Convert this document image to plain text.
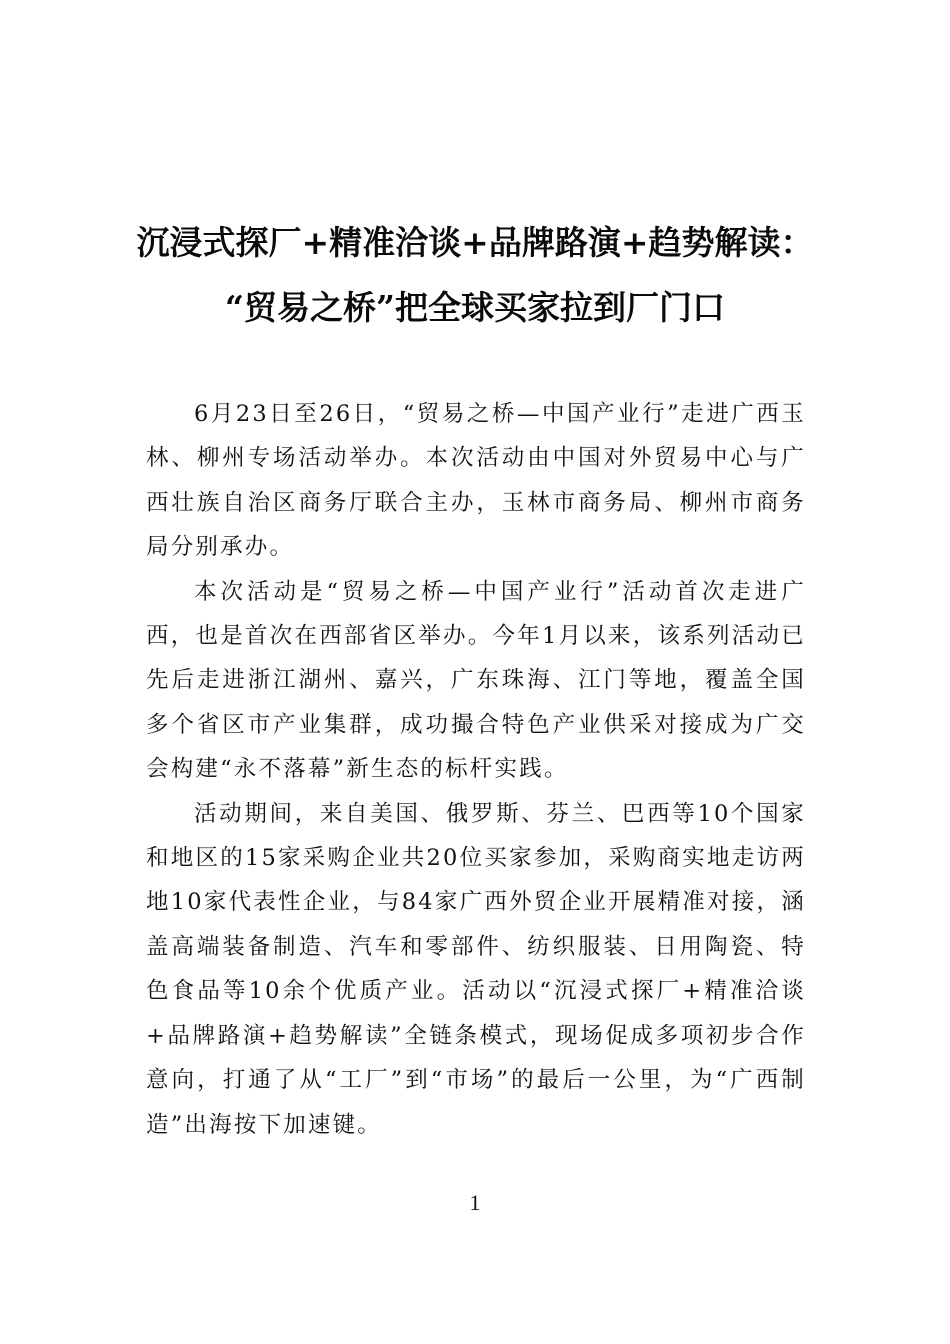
沉浸式探厂+精准洽谈+品牌路演+趋势解读：
“贸易之桥”把全球买家拉到厂门口

6月23日至26日，“贸易之桥—中国产业行”走进广西玉林、柳州专场活动举办。本次活动由中国对外贸易中心与广西壮族自治区商务厅联合主办，玉林市商务局、柳州市商务局分别承办。

本次活动是“贸易之桥—中国产业行”活动首次走进广西，也是首次在西部省区举办。今年1月以来，该系列活动已先后走进浙江湖州、嘉兴，广东珠海、江门等地，覆盖全国多个省区市产业集群，成功撮合特色产业供采对接成为广交会构建“永不落幕”新生态的标杆实践。

活动期间，来自美国、俄罗斯、芬兰、巴西等10个国家和地区的15家采购企业共20位买家参加，采购商实地走访两地10家代表性企业，与84家广西外贸企业开展精准对接，涵盖高端装备制造、汽车和零部件、纺织服装、日用陶瓷、特色食品等10余个优质产业。活动以“沉浸式探厂+精准洽谈+品牌路演+趋势解读”全链条模式，现场促成多项初步合作意向，打通了从“工厂”到“市场”的最后一公里，为“广西制造”出海按下加速键。

1
